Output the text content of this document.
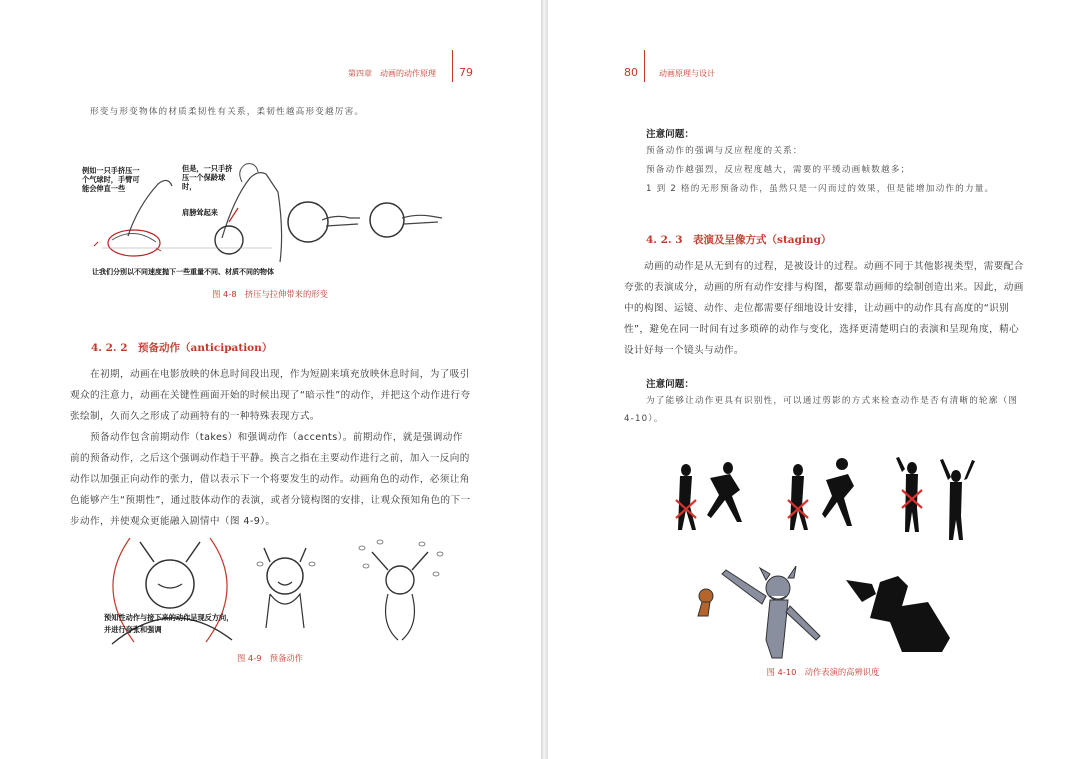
第四章　动画的动作原理 79

形变与形变物体的材质柔韧性有关系，柔韧性越高形变越厉害。

例如一只手挤压一个气球时，手臂可能会伸直一些
但是，一只手挤压一个保龄球时，
肩膀耸起来
让我们分别以不同速度抛下一些重量不同、材质不同的物体
图 4-8　挤压与拉伸带来的形变
4. 2. 2　预备动作（anticipation）

在初期，动画在电影放映的休息时间段出现，作为短剧来填充放映休息时间，为了吸引观众的注意力，动画在关键性画面开始的时候出现了“暗示性”的动作，并把这个动作进行夸张绘制，久而久之形成了动画特有的一种特殊表现方式。

预备动作包含前期动作（takes）和强调动作（accents）。前期动作，就是强调动作前的预备动作，之后这个强调动作趋于平静。换言之指在主要动作进行之前，加入一反向的动作以加强正向动作的张力，借以表示下一个将要发生的动作。动画角色的动作，必须让角色能够产生“预期性”，通过肢体动作的表演，或者分镜构图的安排，让观众预知角色的下一步动作，并使观众更能融入剧情中（图 4-9）。

预知性动作与接下来的动作呈现反方向，并进行夸张和强调
图 4-9　预备动作
80	动画原理与设计
注意问题：

预备动作的强调与反应程度的关系：

预备动作越强烈，反应程度越大，需要的平缓动画帧数越多；

1 到 2 格的无形预备动作，虽然只是一闪而过的效果，但是能增加动作的力量。

4. 2. 3　表演及呈像方式（staging）

动画的动作是从无到有的过程，是被设计的过程。动画不同于其他影视类型，需要配合夸张的表演成分，动画的所有动作安排与构图，都要靠动画师的绘制创造出来。因此，动画中的构图、运镜、动作、走位都需要仔细地设计安排，让动画中的动作具有高度的“识别性”，避免在同一时间有过多琐碎的动作与变化，选择更清楚明白的表演和呈现角度，精心设计好每一个镜头与动作。

注意问题：

为了能够让动作更具有识别性，可以通过剪影的方式来检查动作是否有清晰的轮廓（图 4-10）。

图 4-10　动作表演的高辨识度
